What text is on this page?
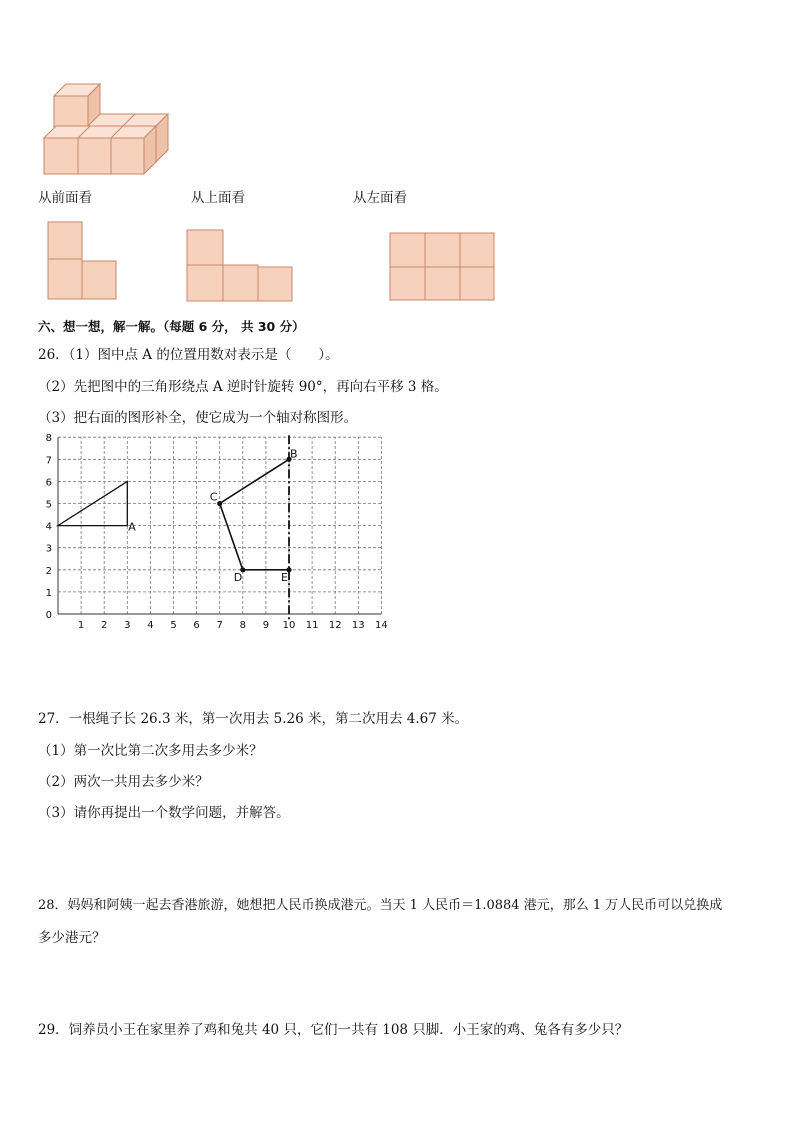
从前面看	从上面看	从左面看
六、想一想，解一解。（每题 6 分， 共 30 分）
26．（1）图中点 A 的位置用数对表示是（　　）。
（2）先把图中的三角形绕点 A 逆时针旋转 90°，再向右平移 3 格。
（3）把右面的图形补全，使它成为一个轴对称图形。
1 2 3 4 5 6 7 8 9 10 11 12 13 14
0
1
2
3
4
5
6
7
8
A
B
C
D	E
27．一根绳子长 26.3 米，第一次用去 5.26 米，第二次用去 4.67 米。
（1）第一次比第二次多用去多少米？
（2）两次一共用去多少米？
（3）请你再提出一个数学问题，并解答。
28．妈妈和阿姨一起去香港旅游，她想把人民币换成港元。当天 1 人民币＝1.0884 港元，那么 1 万人民币可以兑换成
多少港元？
29．饲养员小王在家里养了鸡和兔共 40 只，它们一共有 108 只脚．小王家的鸡、兔各有多少只？
